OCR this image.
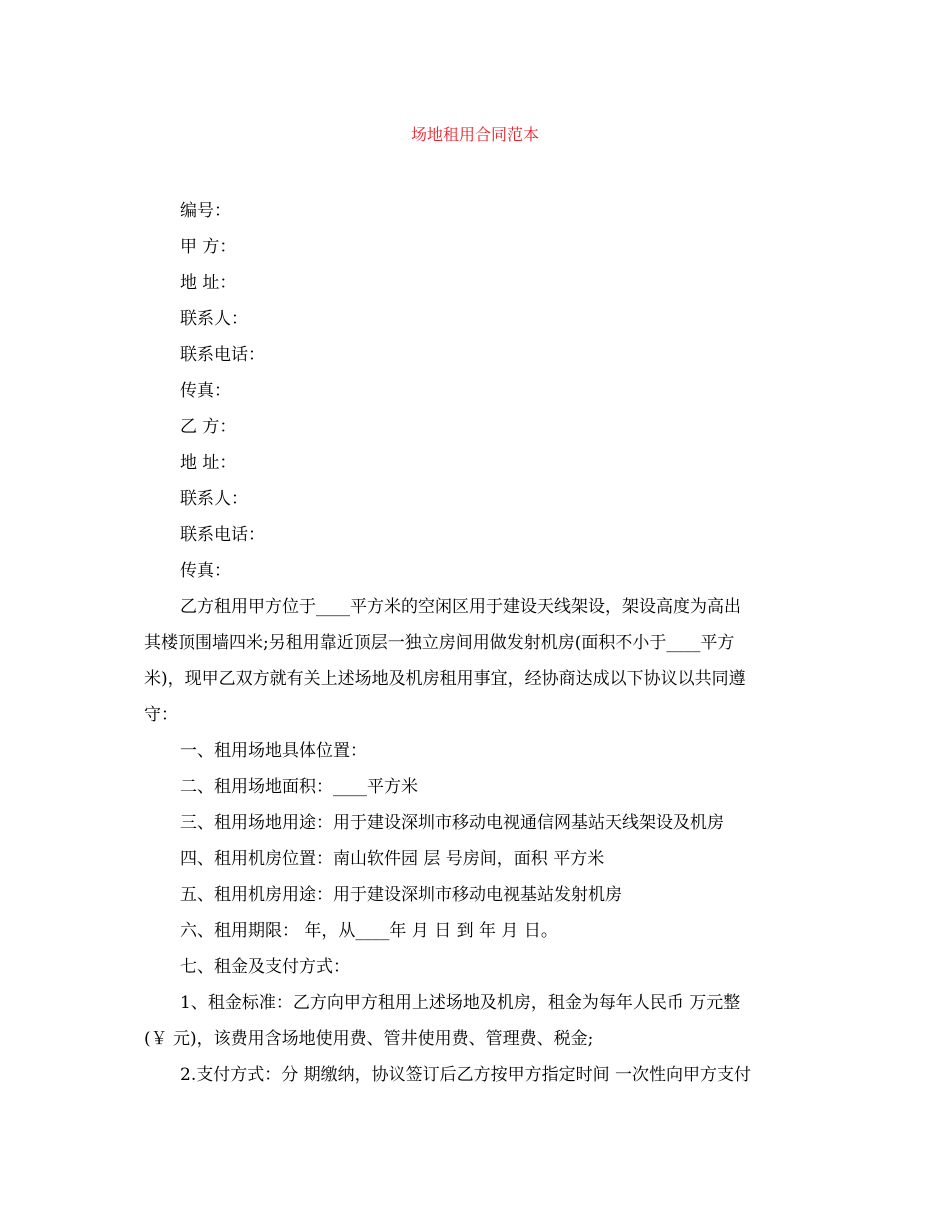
场地租用合同范本
编号：
甲 方：
地 址：
联系人：
联系电话：
传真：
乙 方：
地 址：
联系人：
联系电话：
传真：
乙方租用甲方位于____平方米的空闲区用于建设天线架设，架设高度为高出
其楼顶围墙四米;另租用靠近顶层一独立房间用做发射机房(面积不小于____平方
米)，现甲乙双方就有关上述场地及机房租用事宜，经协商达成以下协议以共同遵
守：
一、租用场地具体位置：
二、租用场地面积：____平方米
三、租用场地用途：用于建设深圳市移动电视通信网基站天线架设及机房
四、租用机房位置：南山软件园 层 号房间，面积 平方米
五、租用机房用途：用于建设深圳市移动电视基站发射机房
六、租用期限： 年，从____年 月 日 到 年 月 日。
七、租金及支付方式：
1、租金标准：乙方向甲方租用上述场地及机房，租金为每年人民币 万元整
(￥ 元)，该费用含场地使用费、管井使用费、管理费、税金;
2.支付方式：分 期缴纳，协议签订后乙方按甲方指定时间 一次性向甲方支付
